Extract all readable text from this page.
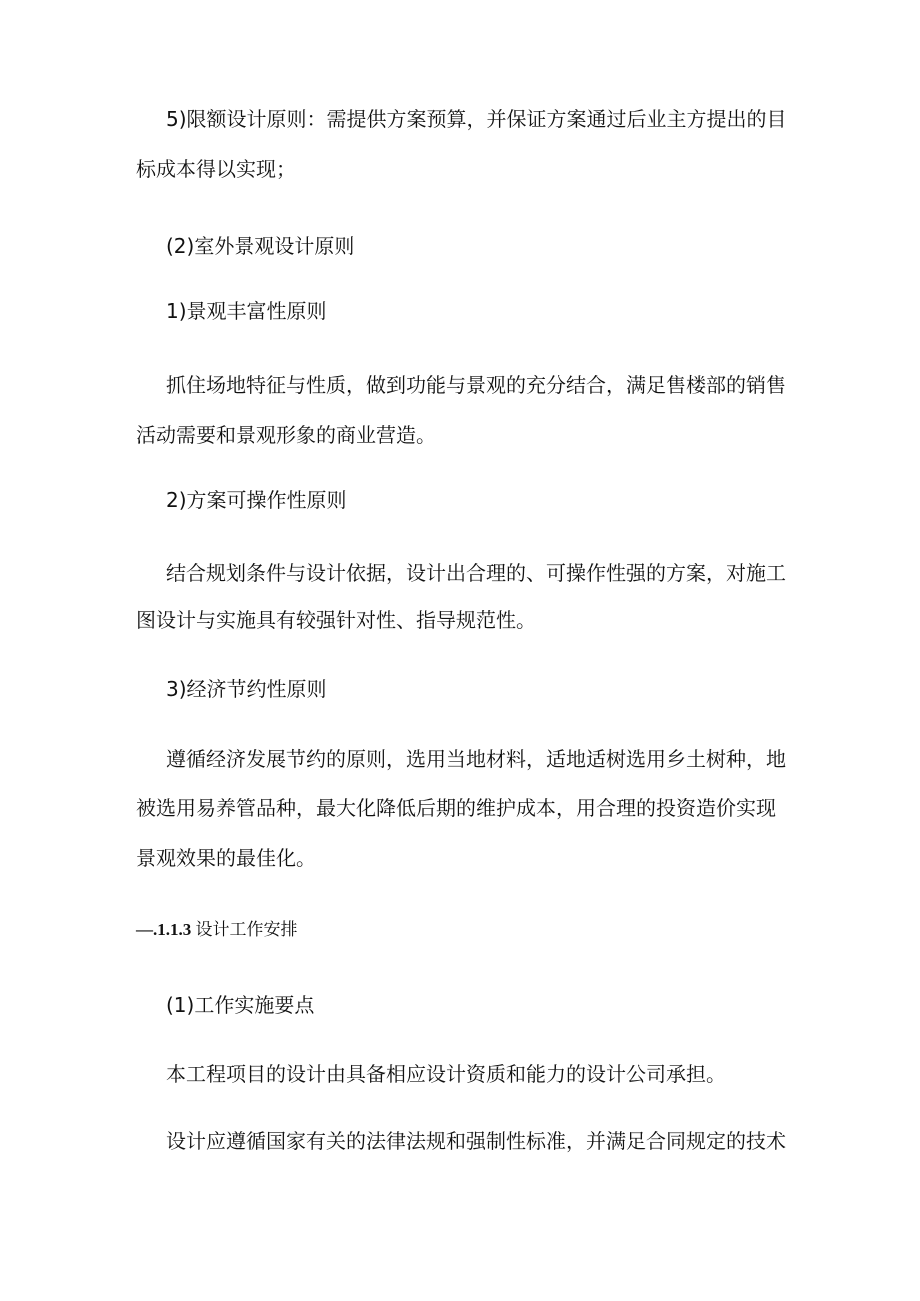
5)限额设计原则：需提供方案预算，并保证方案通过后业主方提出的目
标成本得以实现；
(2)室外景观设计原则
1)景观丰富性原则
抓住场地特征与性质，做到功能与景观的充分结合，满足售楼部的销售
活动需要和景观形象的商业营造。
2)方案可操作性原则
结合规划条件与设计依据，设计出合理的、可操作性强的方案，对施工
图设计与实施具有较强针对性、指导规范性。
3)经济节约性原则
遵循经济发展节约的原则，选用当地材料，适地适树选用乡土树种，地
被选用易养管品种，最大化降低后期的维护成本，用合理的投资造价实现
景观效果的最佳化。
—.1.1.3 设计工作安排
(1)工作实施要点
本工程项目的设计由具备相应设计资质和能力的设计公司承担。
设计应遵循国家有关的法律法规和强制性标准，并满足合同规定的技术
